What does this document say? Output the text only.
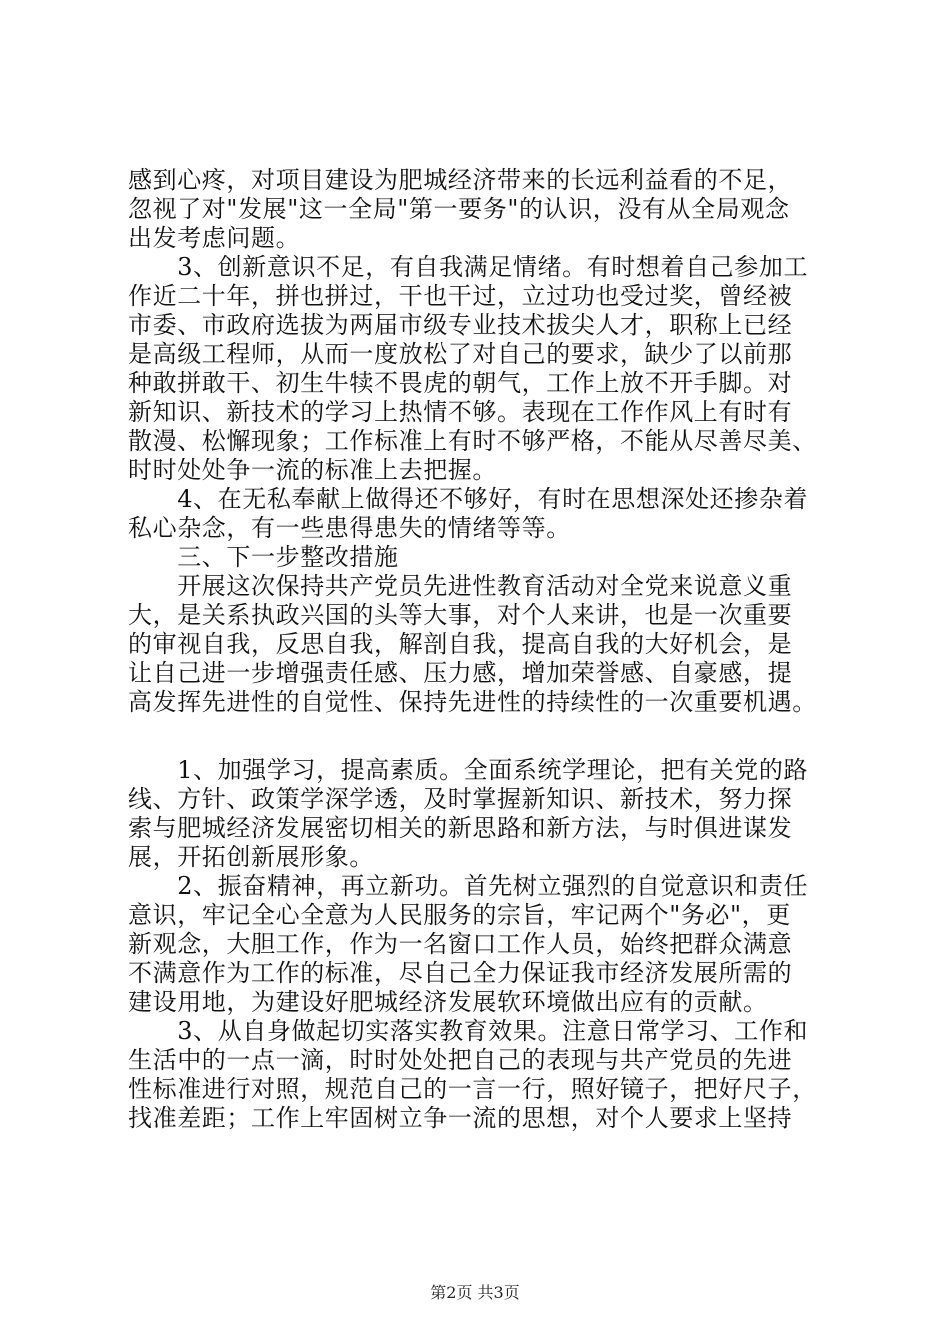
感到心疼，对项目建设为肥城经济带来的长远利益看的不足，
忽视了对"发展"这一全局"第一要务"的认识，没有从全局观念
出发考虑问题。
　　3、创新意识不足，有自我满足情绪。有时想着自己参加工
作近二十年，拼也拼过，干也干过，立过功也受过奖，曾经被
市委、市政府选拔为两届市级专业技术拔尖人才，职称上已经
是高级工程师，从而一度放松了对自己的要求，缺少了以前那
种敢拼敢干、初生牛犊不畏虎的朝气，工作上放不开手脚。对
新知识、新技术的学习上热情不够。表现在工作作风上有时有
散漫、松懈现象；工作标准上有时不够严格，不能从尽善尽美、
时时处处争一流的标准上去把握。
　　4、在无私奉献上做得还不够好，有时在思想深处还掺杂着
私心杂念，有一些患得患失的情绪等等。
　　三、下一步整改措施
　　开展这次保持共产党员先进性教育活动对全党来说意义重
大，是关系执政兴国的头等大事，对个人来讲，也是一次重要
的审视自我，反思自我，解剖自我，提高自我的大好机会，是
让自己进一步增强责任感、压力感，增加荣誉感、自豪感，提
高发挥先进性的自觉性、保持先进性的持续性的一次重要机遇。
　　1、加强学习，提高素质。全面系统学理论，把有关党的路
线、方针、政策学深学透，及时掌握新知识、新技术，努力探
索与肥城经济发展密切相关的新思路和新方法，与时俱进谋发
展，开拓创新展形象。
　　2、振奋精神，再立新功。首先树立强烈的自觉意识和责任
意识，牢记全心全意为人民服务的宗旨，牢记两个"务必"，更
新观念，大胆工作，作为一名窗口工作人员，始终把群众满意
不满意作为工作的标准，尽自己全力保证我市经济发展所需的
建设用地，为建设好肥城经济发展软环境做出应有的贡献。
　　3、从自身做起切实落实教育效果。注意日常学习、工作和
生活中的一点一滴，时时处处把自己的表现与共产党员的先进
性标准进行对照，规范自己的一言一行，照好镜子，把好尺子，
找准差距；工作上牢固树立争一流的思想，对个人要求上坚持
第2页 共3页
